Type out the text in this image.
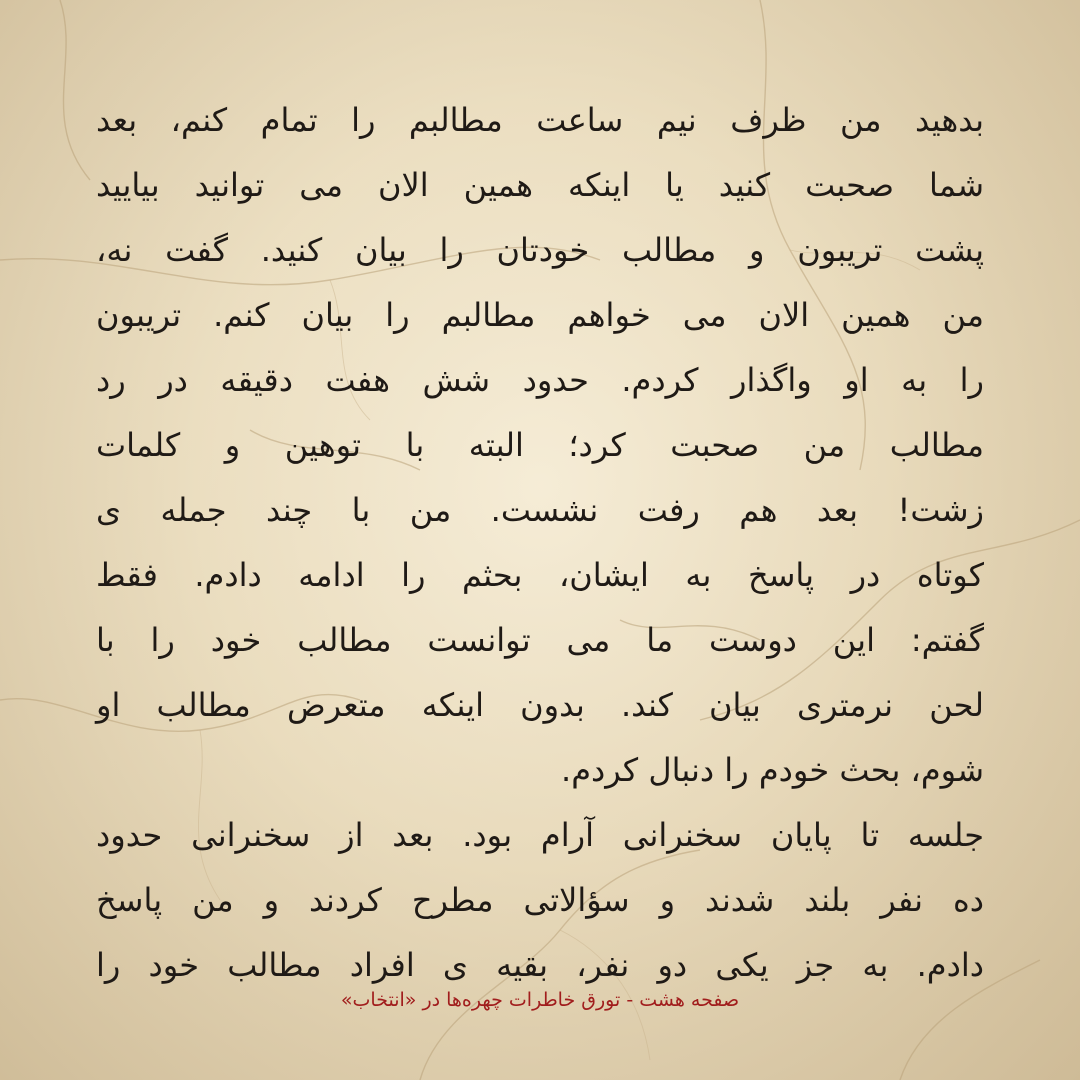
بدهید من ظرف نیم ساعت مطالبم را تمام کنم، بعد
شما صحبت کنید یا اینکه همین الان می توانید بیایید
پشت تریبون و مطالب خودتان را بیان کنید. گفت نه،
من همین الان می خواهم مطالبم را بیان کنم. تریبون
را به او واگذار کردم. حدود شش هفت دقیقه در رد
مطالب من صحبت کرد؛ البته با توهین و کلمات
زشت! بعد هم رفت نشست. من با چند جمله ی
کوتاه در پاسخ به ایشان، بحثم را ادامه دادم. فقط
گفتم: این دوست ما می توانست مطالب خود را با
لحن نرمتری بیان کند. بدون اینکه متعرض مطالب او
شوم، بحث خودم را دنبال کردم.
جلسه تا پایان سخنرانی آرام بود. بعد از سخنرانی حدود
ده نفر بلند شدند و سؤالاتی مطرح کردند و من پاسخ
دادم. به جز یکی دو نفر، بقیه ی افراد مطالب خود را
صفحه هشت - تورق خاطرات چهره‌ها در «انتخاب»
